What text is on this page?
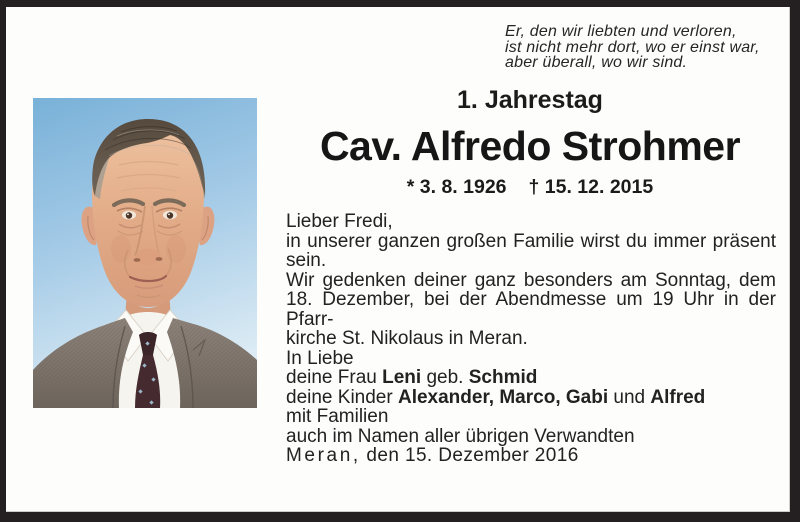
Er, den wir liebten und verloren,
ist nicht mehr dort, wo er einst war,
aber überall, wo wir sind.
1. Jahrestag
Cav. Alfredo Strohmer
* 3. 8. 1926 † 15. 12. 2015

Lieber Fredi,

in unserer ganzen großen Familie wirst du immer präsent
sein.

Wir gedenken deiner ganz besonders am Sonntag, dem
18. Dezember, bei der Abendmesse um 19 Uhr in der Pfarr-
kirche St. Nikolaus in Meran.

In Liebe
deine Frau Leni geb. Schmid
deine Kinder Alexander, Marco, Gabi und Alfred
mit Familien
auch im Namen aller übrigen Verwandten

Meran, den 15. Dezember 2016
